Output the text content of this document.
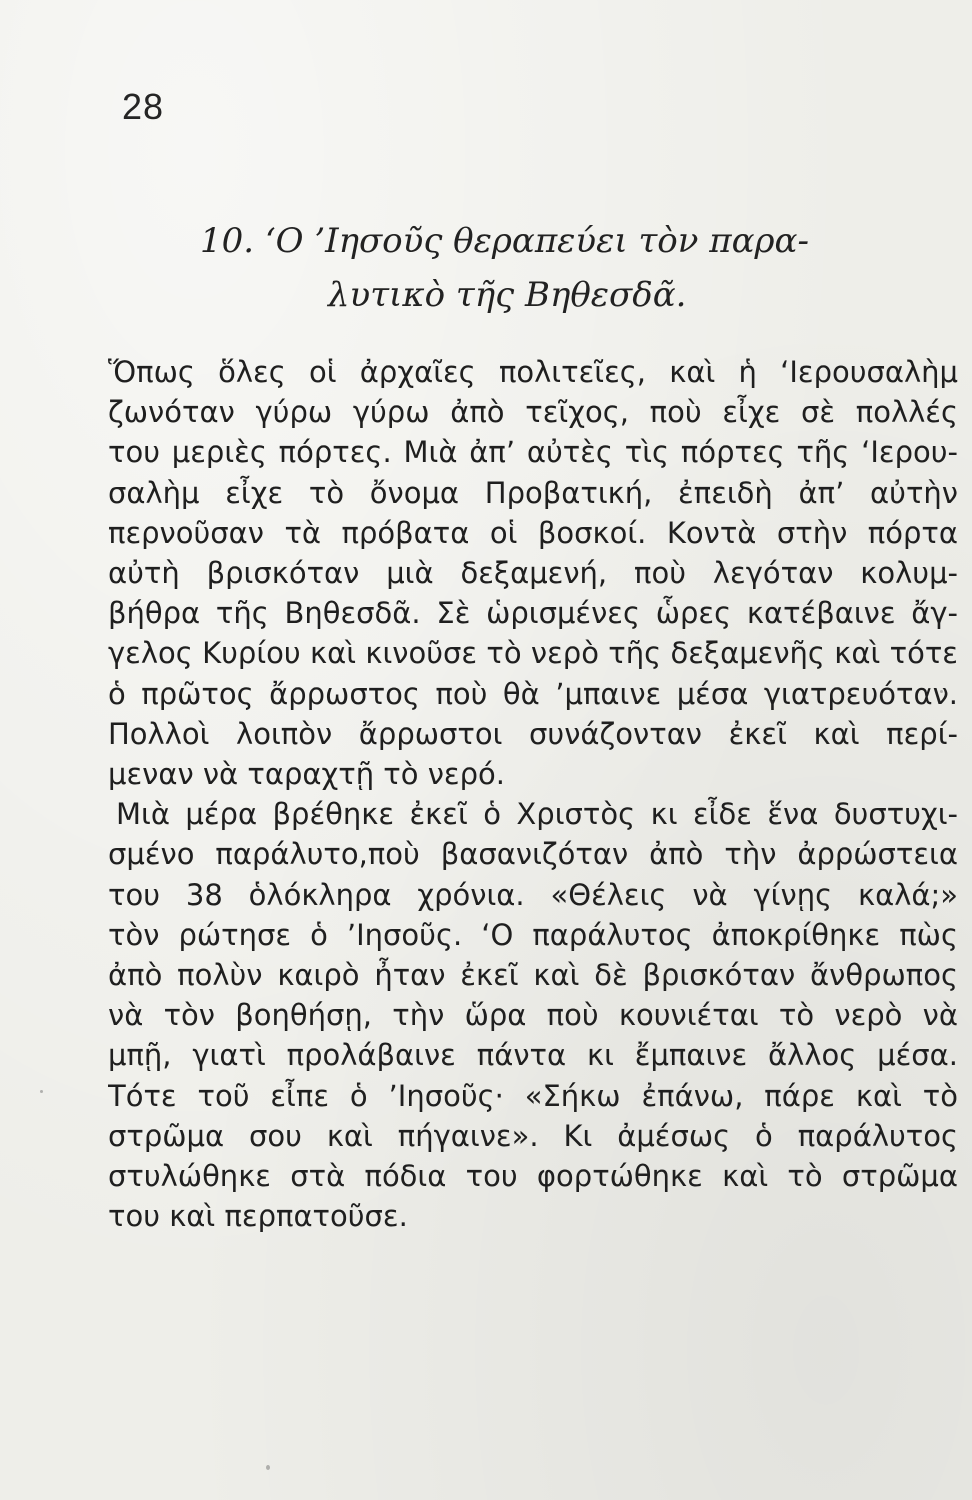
28
10. ‘Ο ’Ιησοῦς θεραπεύει τὸν παρα-
λυτικὸ τῆς Βηθεσδᾶ.
Ὅπως ὅλες οἱ ἀρχαῖες πολιτεῖες, καὶ ἡ ‘Ιερουσαλὴμ
ζωνόταν γύρω γύρω ἀπὸ τεῖχος, ποὺ εἶχε σὲ πολλές
του μεριὲς πόρτες. Μιὰ ἀπ’ αὐτὲς τὶς πόρτες τῆς ‘Ιερου-
σαλὴμ εἶχε τὸ ὄνομα Προβατική, ἐπειδὴ ἀπ’ αὐτὴν
περνοῦσαν τὰ πρόβατα οἱ βοσκοί. Κοντὰ στὴν πόρτα
αὐτὴ βρισκόταν μιὰ δεξαμενή, ποὺ λεγόταν κολυμ-
βήθρα τῆς Βηθεσδᾶ. Σὲ ὡρισμένες ὧρες κατέβαινε ἄγ-
γελος Κυρίου καὶ κινοῦσε τὸ νερὸ τῆς δεξαμενῆς καὶ τότε
ὁ πρῶτος ἄρρωστος ποὺ θὰ ’μπαινε μέσα γιατρευόταν.
Πολλοὶ λοιπὸν ἄρρωστοι συνάζονταν ἐκεῖ καὶ περί-
μεναν νὰ ταραχτῇ τὸ νερό.
Μιὰ μέρα βρέθηκε ἐκεῖ ὁ Χριστὸς κι εἶδε ἕνα δυστυχι-
σμένο παράλυτο,ποὺ βασανιζόταν ἀπὸ τὴν ἀρρώστεια
του 38 ὁλόκληρα χρόνια. «Θέλεις νὰ γίνῃς καλά;»
τὸν ρώτησε ὁ ’Ιησοῦς. ‘Ο παράλυτος ἀποκρίθηκε πὼς
ἀπὸ πολὺν καιρὸ ἦταν ἐκεῖ καὶ δὲ βρισκόταν ἄνθρωπος
νὰ τὸν βοηθήσῃ, τὴν ὥρα ποὺ κουνιέται τὸ νερὸ νὰ
μπῇ, γιατὶ προλάβαινε πάντα κι ἔμπαινε ἄλλος μέσα.
Τότε τοῦ εἶπε ὁ ’Ιησοῦς· «Σήκω ἐπάνω, πάρε καὶ τὸ
στρῶμα σου καὶ πήγαινε». Κι ἀμέσως ὁ παράλυτος
στυλώθηκε στὰ πόδια του φορτώθηκε καὶ τὸ στρῶμα
του καὶ περπατοῦσε.
